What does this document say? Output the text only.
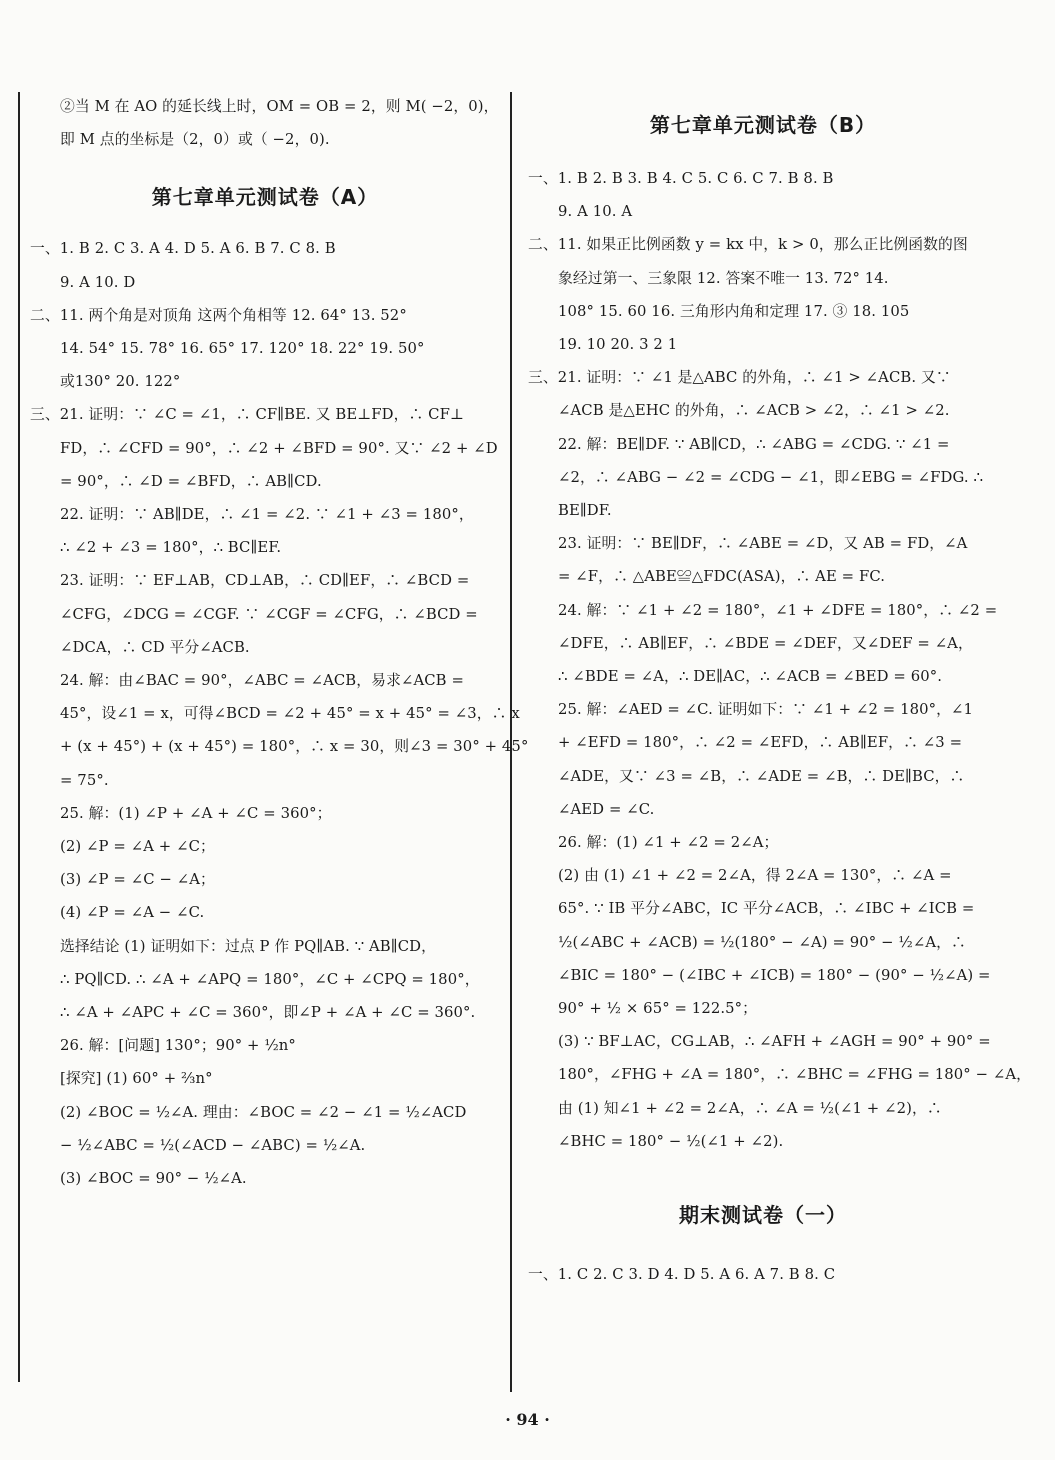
②当 M 在 AO 的延长线上时，OM = OB = 2，则 M( −2，0)，
即 M 点的坐标是（2，0）或（ −2，0).
第七章单元测试卷（A）
一、1. B 2. C 3. A 4. D 5. A 6. B 7. C 8. B
9. A 10. D
二、11. 两个角是对顶角 这两个角相等 12. 64° 13. 52°
14. 54° 15. 78° 16. 65° 17. 120° 18. 22° 19. 50°
或130° 20. 122°
三、21. 证明：∵ ∠C = ∠1，∴ CF∥BE. 又 BE⊥FD，∴ CF⊥
FD，∴ ∠CFD = 90°，∴ ∠2 + ∠BFD = 90°. 又∵ ∠2 + ∠D
= 90°，∴ ∠D = ∠BFD，∴ AB∥CD.
22. 证明：∵ AB∥DE，∴ ∠1 = ∠2. ∵ ∠1 + ∠3 = 180°，
∴ ∠2 + ∠3 = 180°，∴ BC∥EF.
23. 证明：∵ EF⊥AB，CD⊥AB，∴ CD∥EF，∴ ∠BCD =
∠CFG，∠DCG = ∠CGF. ∵ ∠CGF = ∠CFG，∴ ∠BCD =
∠DCA，∴ CD 平分∠ACB.
24. 解：由∠BAC = 90°，∠ABC = ∠ACB，易求∠ACB =
45°，设∠1 = x，可得∠BCD = ∠2 + 45° = x + 45° = ∠3，∴ x
+ (x + 45°) + (x + 45°) = 180°，∴ x = 30，则∠3 = 30° + 45°
= 75°.
25. 解：(1) ∠P + ∠A + ∠C = 360°；
(2) ∠P = ∠A + ∠C；
(3) ∠P = ∠C − ∠A；
(4) ∠P = ∠A − ∠C.
选择结论 (1) 证明如下：过点 P 作 PQ∥AB. ∵ AB∥CD，
∴ PQ∥CD. ∴ ∠A + ∠APQ = 180°，∠C + ∠CPQ = 180°，
∴ ∠A + ∠APC + ∠C = 360°，即∠P + ∠A + ∠C = 360°.
26. 解：[问题] 130°；90° + ½n°
[探究] (1) 60° + ⅔n°
(2) ∠BOC = ½∠A. 理由：∠BOC = ∠2 − ∠1 = ½∠ACD
− ½∠ABC = ½(∠ACD − ∠ABC) = ½∠A.
(3) ∠BOC = 90° − ½∠A.
第七章单元测试卷（B）
一、1. B 2. B 3. B 4. C 5. C 6. C 7. B 8. B
9. A 10. A
二、11. 如果正比例函数 y = kx 中，k > 0，那么正比例函数的图
象经过第一、三象限 12. 答案不唯一 13. 72° 14.
108° 15. 60 16. 三角形内角和定理 17. ③ 18. 105
19. 10 20. 3 2 1
三、21. 证明：∵ ∠1 是△ABC 的外角，∴ ∠1 > ∠ACB. 又∵
∠ACB 是△EHC 的外角，∴ ∠ACB > ∠2，∴ ∠1 > ∠2.
22. 解：BE∥DF. ∵ AB∥CD，∴ ∠ABG = ∠CDG. ∵ ∠1 =
∠2，∴ ∠ABG − ∠2 = ∠CDG − ∠1，即∠EBG = ∠FDG. ∴
BE∥DF.
23. 证明：∵ BE∥DF，∴ ∠ABE = ∠D，又 AB = FD，∠A
= ∠F，∴ △ABE≌△FDC(ASA)，∴ AE = FC.
24. 解：∵ ∠1 + ∠2 = 180°，∠1 + ∠DFE = 180°，∴ ∠2 =
∠DFE，∴ AB∥EF，∴ ∠BDE = ∠DEF，又∠DEF = ∠A，
∴ ∠BDE = ∠A，∴ DE∥AC，∴ ∠ACB = ∠BED = 60°.
25. 解：∠AED = ∠C. 证明如下：∵ ∠1 + ∠2 = 180°，∠1
+ ∠EFD = 180°，∴ ∠2 = ∠EFD，∴ AB∥EF，∴ ∠3 =
∠ADE，又∵ ∠3 = ∠B，∴ ∠ADE = ∠B，∴ DE∥BC，∴
∠AED = ∠C.
26. 解：(1) ∠1 + ∠2 = 2∠A；
(2) 由 (1) ∠1 + ∠2 = 2∠A，得 2∠A = 130°，∴ ∠A =
65°. ∵ IB 平分∠ABC，IC 平分∠ACB，∴ ∠IBC + ∠ICB =
½(∠ABC + ∠ACB) = ½(180° − ∠A) = 90° − ½∠A，∴
∠BIC = 180° − (∠IBC + ∠ICB) = 180° − (90° − ½∠A) =
90° + ½ × 65° = 122.5°；
(3) ∵ BF⊥AC，CG⊥AB，∴ ∠AFH + ∠AGH = 90° + 90° =
180°，∠FHG + ∠A = 180°，∴ ∠BHC = ∠FHG = 180° − ∠A，
由 (1) 知∠1 + ∠2 = 2∠A，∴ ∠A = ½(∠1 + ∠2)，∴
∠BHC = 180° − ½(∠1 + ∠2).
期末测试卷（一）
一、1. C 2. C 3. D 4. D 5. A 6. A 7. B 8. C
· 94 ·
